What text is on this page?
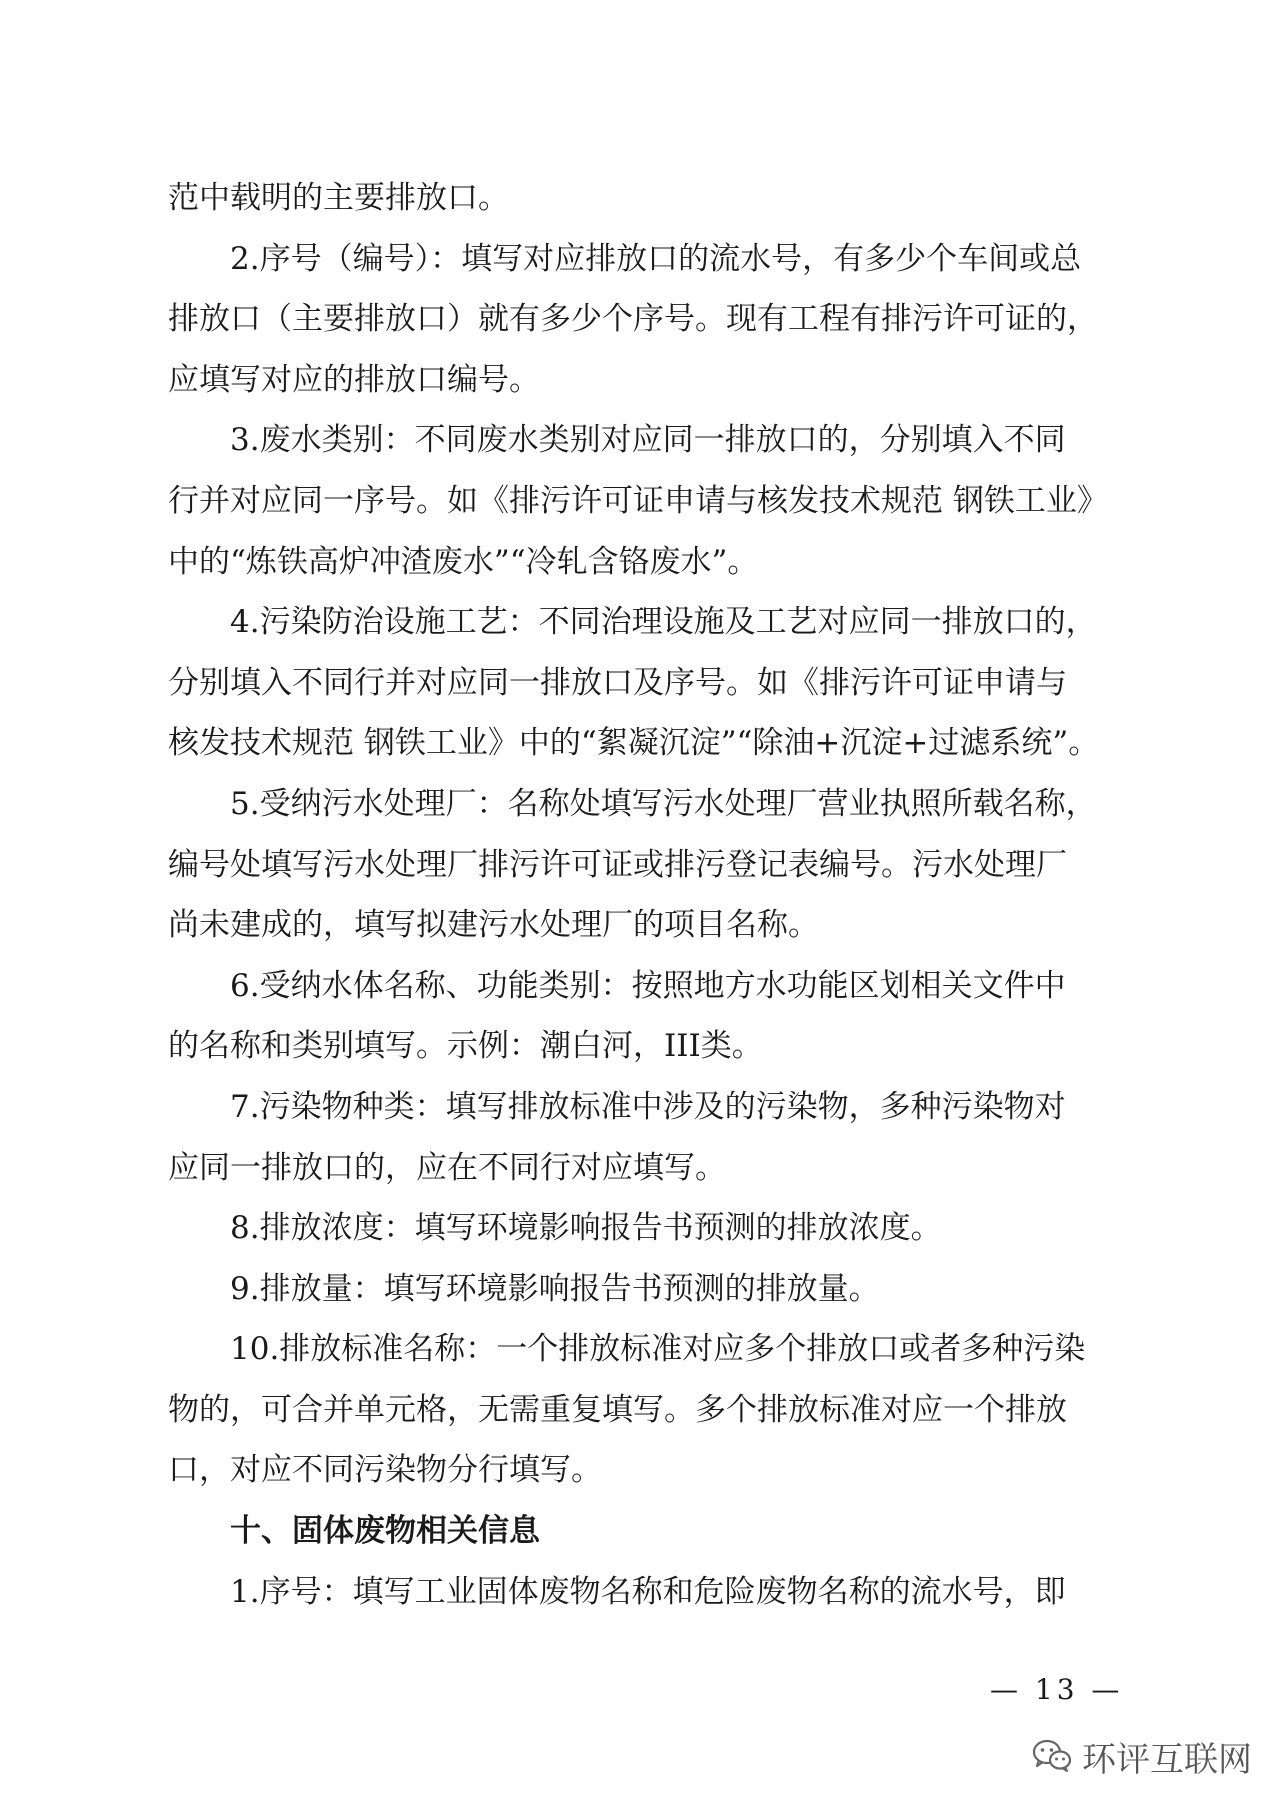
范中载明的主要排放口。
2.序号（编号）：填写对应排放口的流水号，有多少个车间或总
排放口（主要排放口）就有多少个序号。现有工程有排污许可证的，
应填写对应的排放口编号。
3.废水类别：不同废水类别对应同一排放口的，分别填入不同
行并对应同一序号。如《排污许可证申请与核发技术规范 钢铁工业》
中的“炼铁高炉冲渣废水”“冷轧含铬废水”。
4.污染防治设施工艺：不同治理设施及工艺对应同一排放口的，
分别填入不同行并对应同一排放口及序号。如《排污许可证申请与
核发技术规范 钢铁工业》中的“絮凝沉淀”“除油+沉淀+过滤系统”。
5.受纳污水处理厂：名称处填写污水处理厂营业执照所载名称，
编号处填写污水处理厂排污许可证或排污登记表编号。污水处理厂
尚未建成的，填写拟建污水处理厂的项目名称。
6.受纳水体名称、功能类别：按照地方水功能区划相关文件中
的名称和类别填写。示例：潮白河，III类。
7.污染物种类：填写排放标准中涉及的污染物，多种污染物对
应同一排放口的，应在不同行对应填写。
8.排放浓度：填写环境影响报告书预测的排放浓度。
9.排放量：填写环境影响报告书预测的排放量。
10.排放标准名称：一个排放标准对应多个排放口或者多种污染
物的，可合并单元格，无需重复填写。多个排放标准对应一个排放
口，对应不同污染物分行填写。
十、固体废物相关信息
1.序号：填写工业固体废物名称和危险废物名称的流水号，即
— 13 —
环评互联网
